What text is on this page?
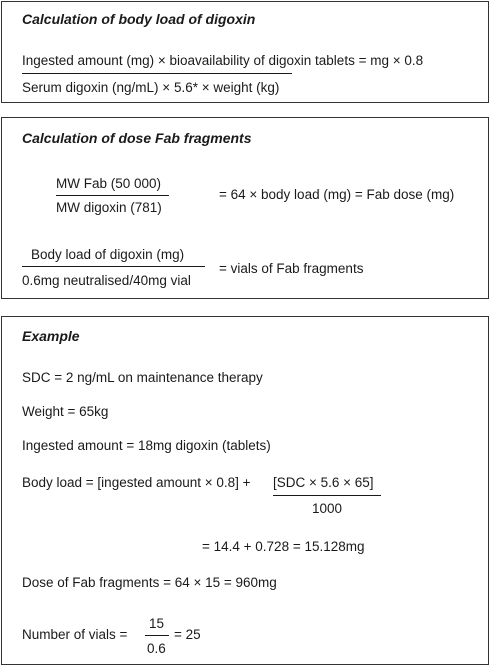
Calculation of body load of digoxin
Ingested amount (mg) × bioavailability of digoxin tablets = mg × 0.8
Serum digoxin (ng/mL) × 5.6* × weight (kg)
Calculation of dose Fab fragments
MW Fab (50 000)
MW digoxin (781)
= 64 × body load (mg) = Fab dose (mg)
Body load of digoxin (mg)
0.6mg neutralised/40mg vial
= vials of Fab fragments
Example
SDC = 2 ng/mL on maintenance therapy
Weight = 65kg
Ingested amount = 18mg digoxin (tablets)
Body load = [ingested amount × 0.8] + [SDC × 5.6 × 65]
1000
= 14.4 + 0.728 = 15.128mg
Dose of Fab fragments = 64 × 15 = 960mg
Number of vials =
15
0.6
= 25
